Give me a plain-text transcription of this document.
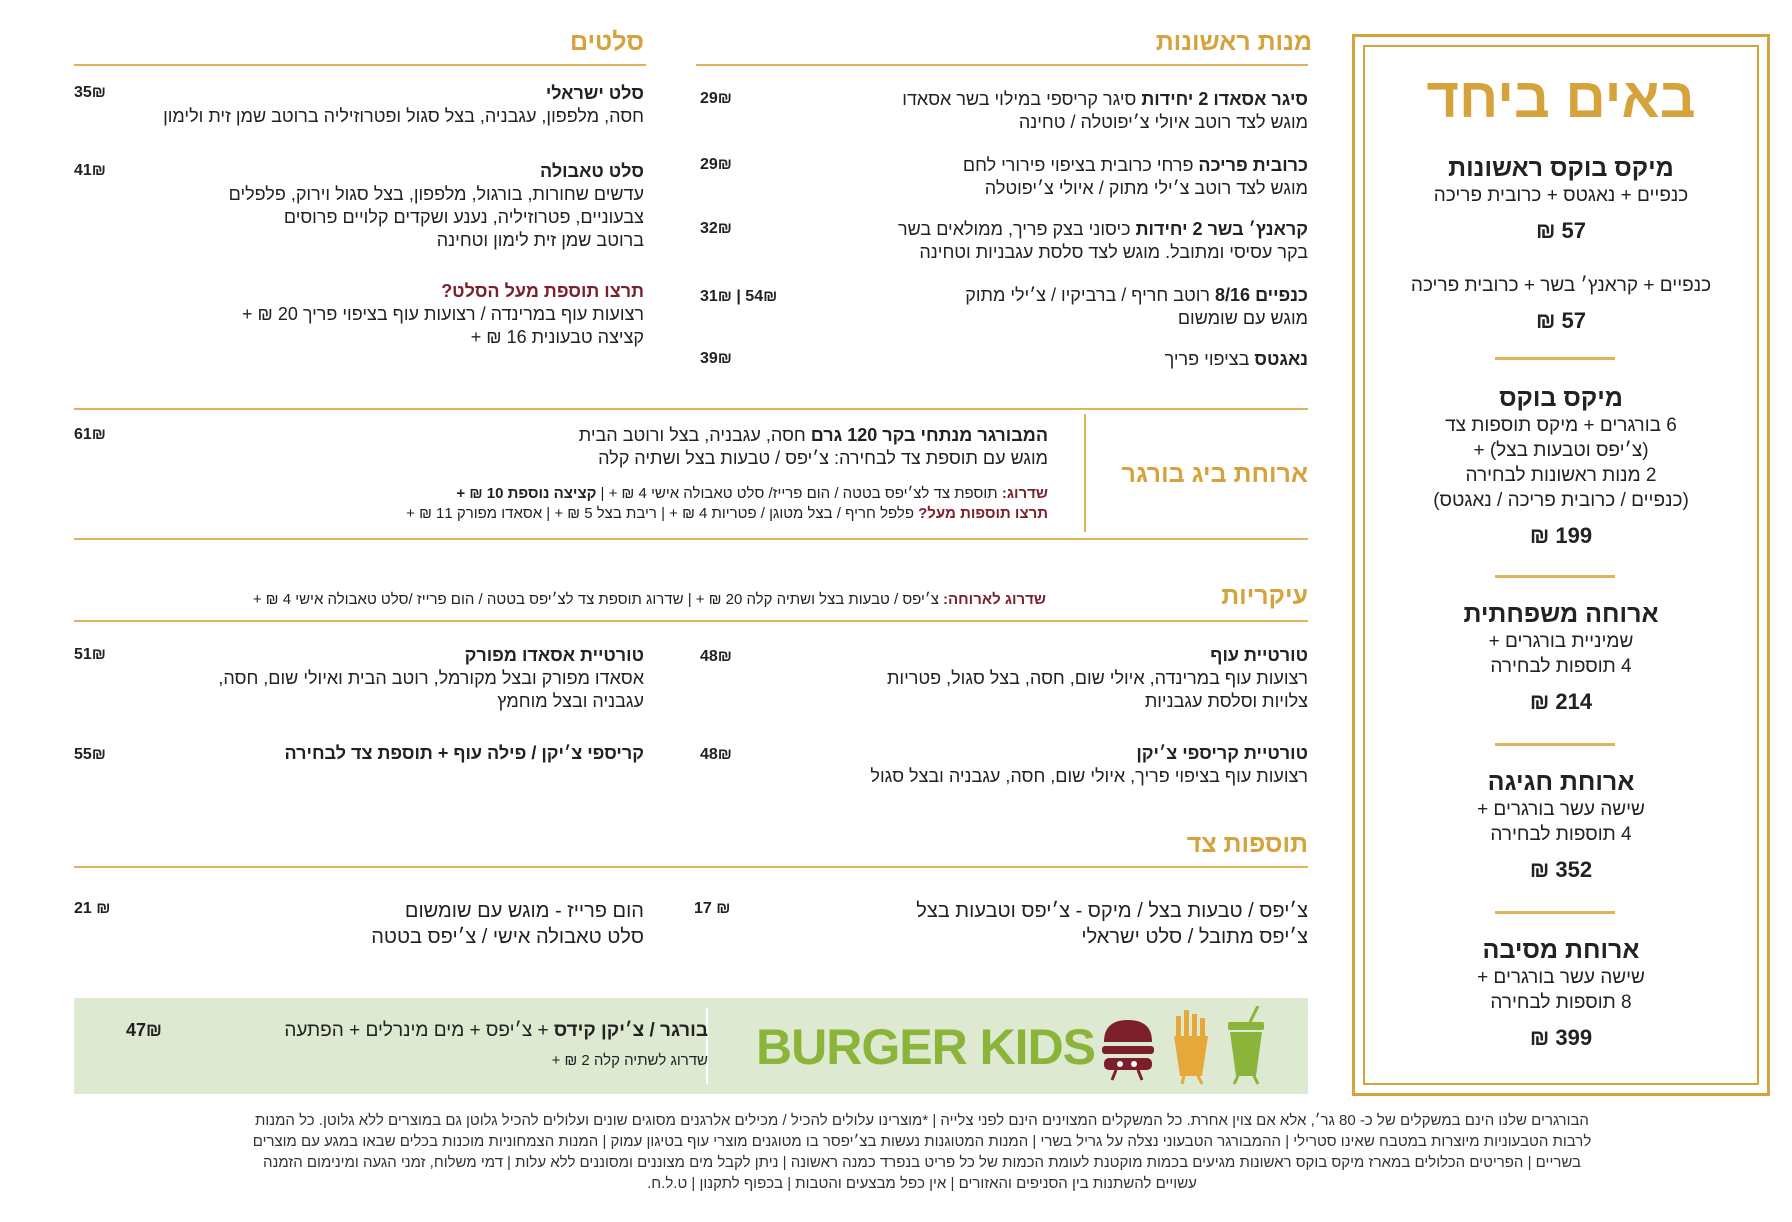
באים ביחד
מיקס בוקס ראשונות
כנפיים + נאגטס + כרובית פריכה
57 ₪
כנפיים + קראנץ׳ בשר + כרובית פריכה
57 ₪
מיקס בוקס
6 בורגרים + מיקס תוספות צד
(צ׳יפס וטבעות בצל) +
2 מנות ראשונות לבחירה
(כנפיים / כרובית פריכה / נאגטס)
199 ₪
ארוחה משפחתית
שמיניית בורגרים +
4 תוספות לבחירה
214 ₪
ארוחת חגיגה
שישה עשר בורגרים +
4 תוספות לבחירה
352 ₪
ארוחת מסיבה
שישה עשר בורגרים +
8 תוספות לבחירה
399 ₪
מנות ראשונות
סיגר אסאדו 2 יחידות סיגר קריספי במילוי בשר אסאדו
מוגש לצד רוטב איולי צ׳יפוטלה / טחינה
29₪
כרובית פריכה פרחי כרובית בציפוי פירורי לחם
מוגש לצד רוטב צ׳ילי מתוק / איולי צ׳יפוטלה
29₪
קראנץ׳ בשר 2 יחידות כיסוני בצק פריך, ממולאים בשר
בקר עסיסי ומתובל. מוגש לצד סלסת עגבניות וטחינה
32₪
כנפיים 8/16 רוטב חריף / ברביקיו / צ׳ילי מתוק
מוגש עם שומשום
31₪ | 54₪
נאגטס בציפוי פריך
39₪
סלטים
סלט ישראלי
חסה, מלפפון, עגבניה, בצל סגול ופטרוזיליה ברוטב שמן זית ולימון
35₪
סלט טאבולה
עדשים שחורות, בורגול, מלפפון, בצל סגול וירוק, פלפלים
צבעוניים, פטרוזיליה, נענע ושקדים קלויים פרוסים
ברוטב שמן זית לימון וטחינה
41₪
תרצו תוספת מעל הסלט?
רצועות עוף במרינדה / רצועות עוף בציפוי פריך 20 ₪ +
קציצה טבעונית 16 ₪ +
ארוחת ביג בורגר
המבורגר מנתחי בקר 120 גרם חסה, עגבניה, בצל ורוטב הבית
מוגש עם תוספת צד לבחירה: צ׳יפס / טבעות בצל ושתיה קלה
61₪
שדרוג: תוספת צד לצ׳יפס בטטה / הום פרייז/ סלט טאבולה אישי 4 ₪ + | קציצה נוספת 10 ₪ +
תרצו תוספות מעל? פלפל חריף / בצל מטוגן / פטריות 4 ₪ + | ריבת בצל 5 ₪ + | אסאדו מפורק 11 ₪ +
עיקריות
שדרוג לארוחה: צ׳יפס / טבעות בצל ושתיה קלה 20 ₪ + | שדרוג תוספת צד לצ׳יפס בטטה / הום פרייז /סלט טאבולה אישי 4 ₪ +
טורטיית עוף
רצועות עוף במרינדה, איולי שום, חסה, בצל סגול, פטריות
צלויות וסלסת עגבניות
48₪
טורטיית קריספי צ׳יקן
רצועות עוף בציפוי פריך, איולי שום, חסה, עגבניה ובצל סגול
48₪
טורטיית אסאדו מפורק
אסאדו מפורק ובצל מקורמל, רוטב הבית ואיולי שום, חסה,
עגבניה ובצל מוחמץ
51₪
קריספי צ׳יקן / פילה עוף + תוספת צד לבחירה
55₪
תוספות צד
צ׳יפס / טבעות בצל / מיקס - צ׳יפס וטבעות בצל
צ׳יפס מתובל / סלט ישראלי
17 ₪
הום פרייז - מוגש עם שומשום
סלט טאבולה אישי / צ׳יפס בטטה
21 ₪
BURGER KIDS
בורגר / צ׳יקן קידס + צ׳יפס + מים מינרלים + הפתעה
47₪
שדרוג לשתיה קלה 2 ₪ +
הבורגרים שלנו הינם במשקלים של כ- 80 גר׳, אלא אם צוין אחרת. כל המשקלים המצוינים הינם לפני צלייה | *מוצרינו עלולים להכיל / מכילים אלרגנים מסוגים שונים ועלולים להכיל גלוטן גם במוצרים ללא גלוטן. כל המנות
לרבות הטבעוניות מיוצרות במטבח שאינו סטרילי | ההמבורגר הטבעוני נצלה על גריל בשרי | המנות המטוגנות נעשות בצ׳יפסר בו מטוגנים מוצרי עוף בטיגון עמוק | המנות הצמחוניות מוכנות בכלים שבאו במגע עם מוצרים
בשריים | הפריטים הכלולים במארז מיקס בוקס ראשונות מגיעים בכמות מוקטנת לעומת הכמות של כל פריט בנפרד כמנה ראשונה | ניתן לקבל מים מצוננים ומסוננים ללא עלות | דמי משלוח, זמני הגעה ומינימום הזמנה
עשויים להשתנות בין הסניפים והאזורים | אין כפל מבצעים והטבות | בכפוף לתקנון | ט.ל.ח.
